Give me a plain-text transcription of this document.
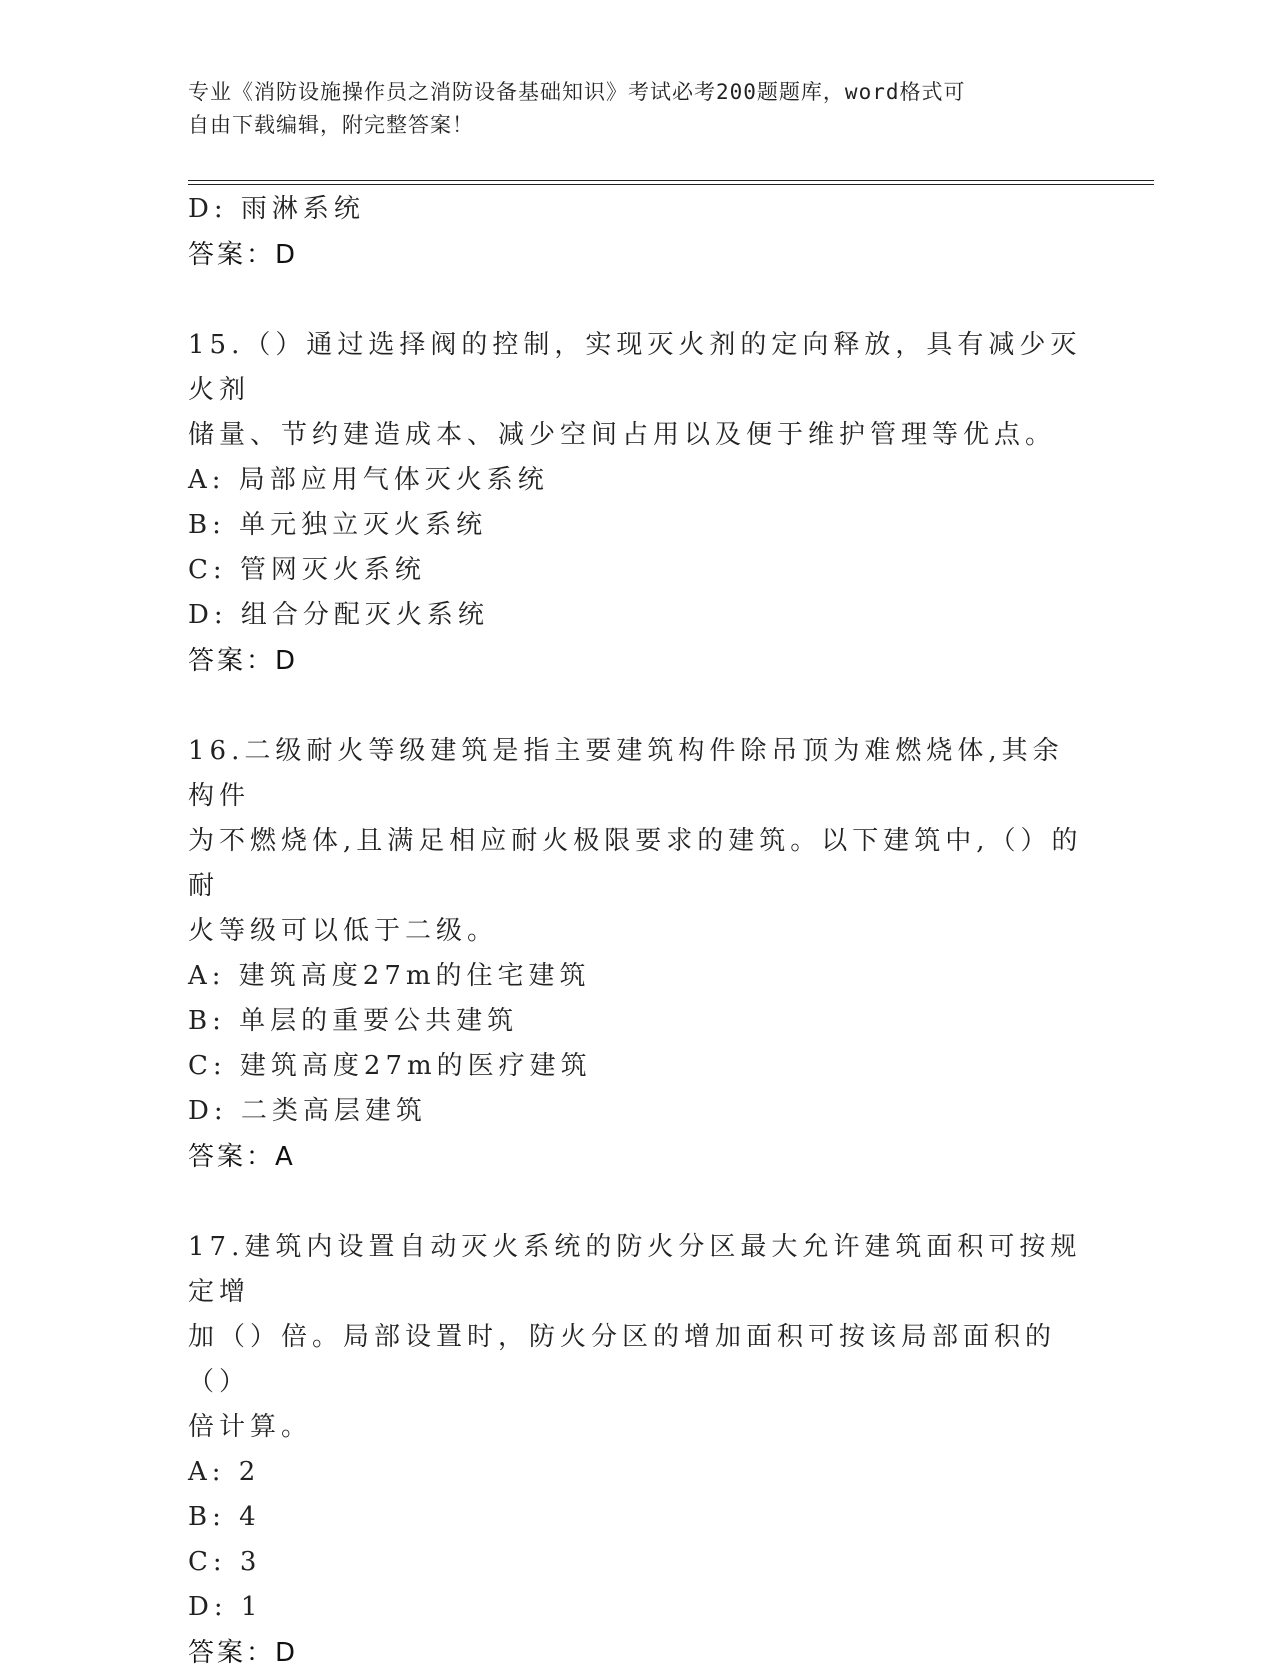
专业《消防设施操作员之消防设备基础知识》考试必考200题题库，word格式可
自由下载编辑，附完整答案！
D: 雨淋系统
答案：D
15.（）通过选择阀的控制，实现灭火剂的定向释放，具有减少灭火剂
储量、节约建造成本、减少空间占用以及便于维护管理等优点。
A: 局部应用气体灭火系统
B: 单元独立灭火系统
C: 管网灭火系统
D: 组合分配灭火系统
答案：D
16.二级耐火等级建筑是指主要建筑构件除吊顶为难燃烧体,其余构件
为不燃烧体,且满足相应耐火极限要求的建筑。以下建筑中,（）的耐
火等级可以低于二级。
A: 建筑高度27m的住宅建筑
B: 单层的重要公共建筑
C: 建筑高度27m的医疗建筑
D: 二类高层建筑
答案：A
17.建筑内设置自动灭火系统的防火分区最大允许建筑面积可按规定增
加（）倍。局部设置时，防火分区的增加面积可按该局部面积的（）
倍计算。
A: 2
B: 4
C: 3
D: 1
答案：D
